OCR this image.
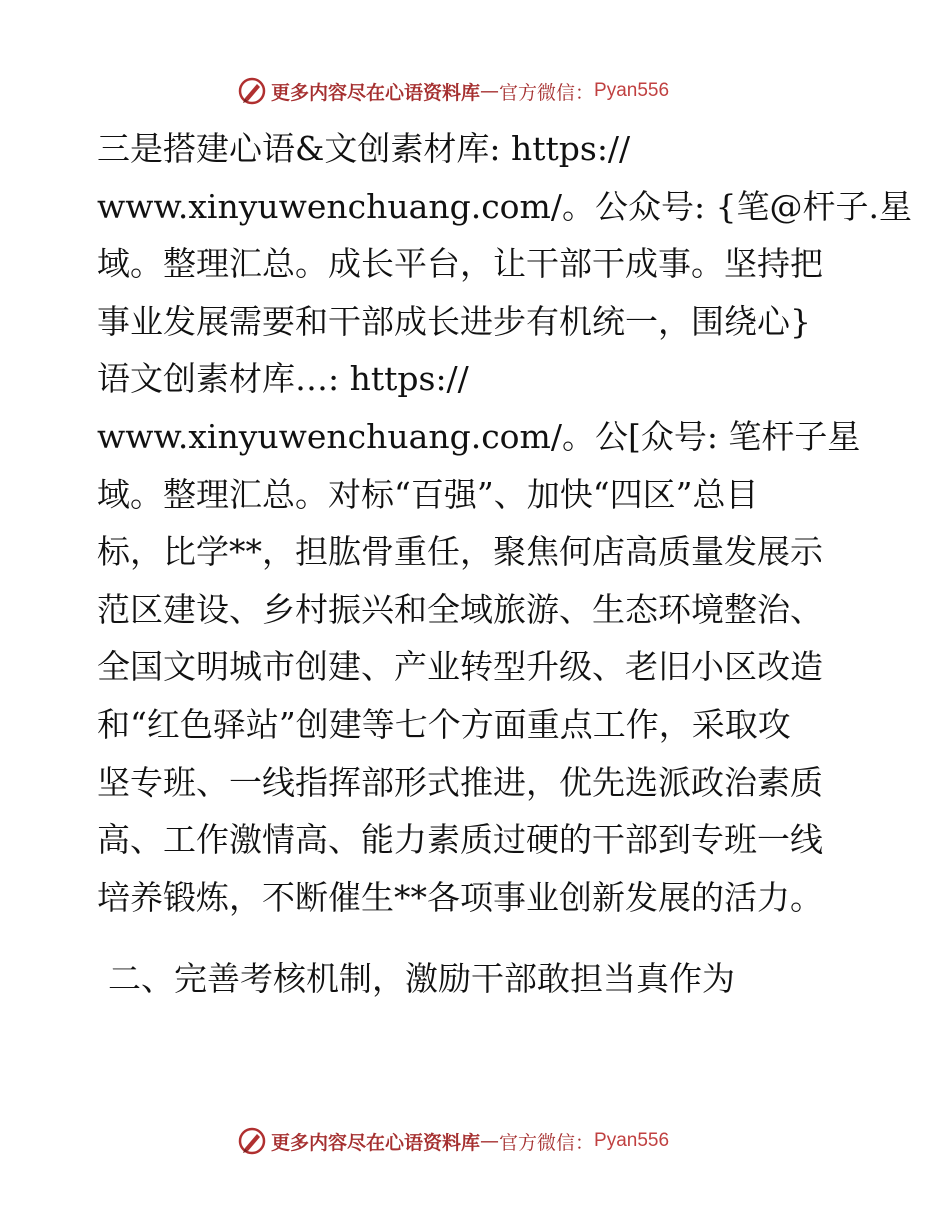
更多内容尽在心语资料库 — 官方微信： Pyan556
三是搭建心语&文创素材库: https://
www.xinyuwenchuang.com/。公众号: {笔@杆子.星
域。整理汇总。成长平台，让干部干成事。坚持把
事业发展需要和干部成长进步有机统一，围绕心}
语文创素材库…: https://
www.xinyuwenchuang.com/。公[众号: 笔杆子星
域。整理汇总。对标“百强”、加快“四区”总目
标，比学**，担肱骨重任，聚焦何店高质量发展示
范区建设、乡村振兴和全域旅游、生态环境整治、
全国文明城市创建、产业转型升级、老旧小区改造
和“红色驿站”创建等七个方面重点工作，采取攻
坚专班、一线指挥部形式推进，优先选派政治素质
高、工作激情高、能力素质过硬的干部到专班一线
培养锻炼，不断催生**各项事业创新发展的活力。
二、完善考核机制，激励干部敢担当真作为
更多内容尽在心语资料库 — 官方微信： Pyan556
